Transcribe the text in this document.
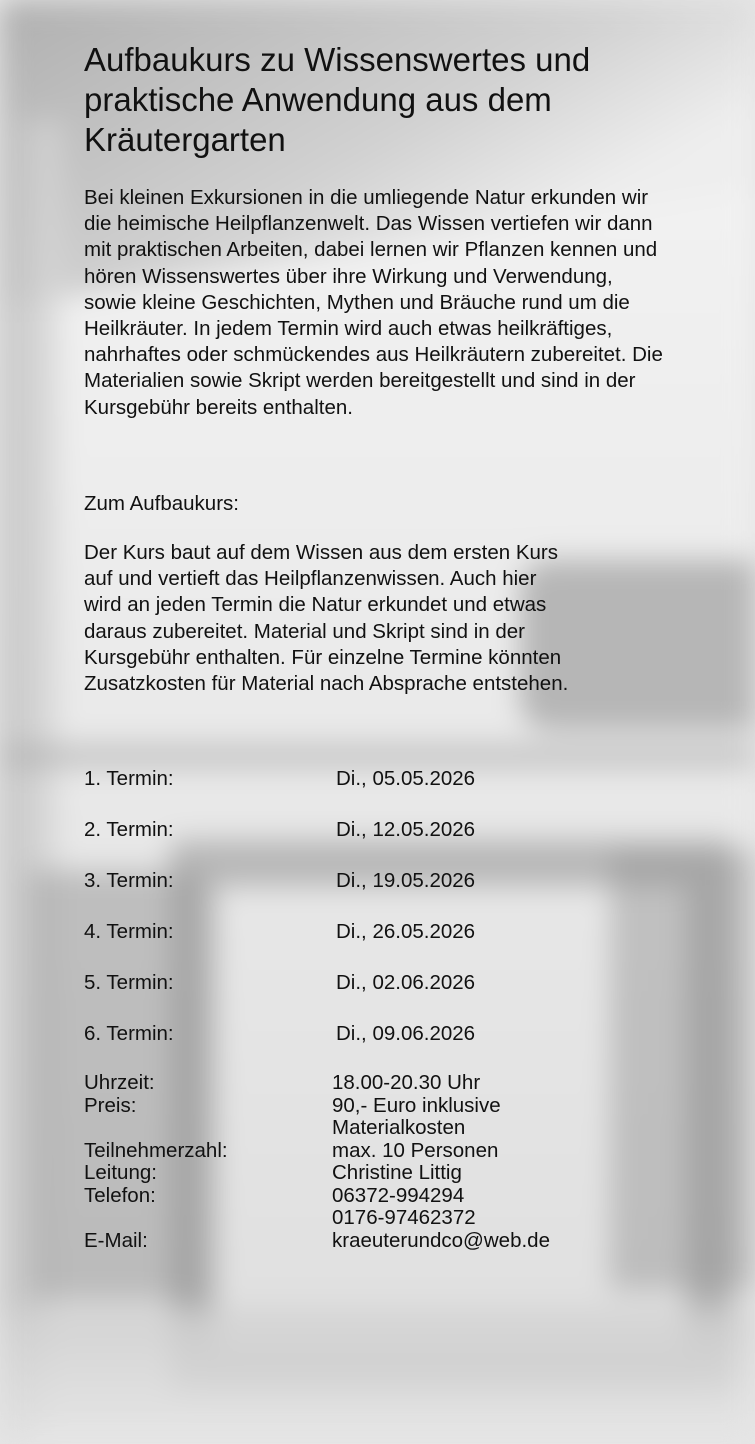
Aufbaukurs zu Wissenswertes und praktische Anwendung aus dem Kräutergarten

Bei kleinen Exkursionen in die umliegende Natur erkunden wir die heimische Heilpflanzenwelt. Das Wissen vertiefen wir dann mit praktischen Arbeiten, dabei lernen wir Pflanzen kennen und hören Wissenswertes über ihre Wirkung und Verwendung, sowie kleine Geschichten, Mythen und Bräuche rund um die Heilkräuter. In jedem Termin wird auch etwas heilkräftiges, nahrhaftes oder schmückendes aus Heilkräutern zubereitet. Die Materialien sowie Skript werden bereitgestellt und sind in der Kursgebühr bereits enthalten.

Zum Aufbaukurs:

Der Kurs baut auf dem Wissen aus dem ersten Kurs auf und vertieft das Heilpflanzenwissen. Auch hier wird an jeden Termin die Natur erkundet und etwas daraus zubereitet. Material und Skript sind in der Kursgebühr enthalten. Für einzelne Termine könnten Zusatzkosten für Material nach Absprache entstehen.

1. Termin:	Di., 05.05.2026
2. Termin:	Di., 12.05.2026
3. Termin:	Di., 19.05.2026
4. Termin:	Di., 26.05.2026
5. Termin:	Di., 02.06.2026
6. Termin:	Di., 09.06.2026
Uhrzeit:	18.00-20.30 Uhr
Preis:	90,- Euro inklusive
Materialkosten
Teilnehmerzahl:	max. 10 Personen
Leitung:	Christine Littig
Telefon:	06372-994294
0176-97462372
E-Mail:	kraeuterundco@web.de
